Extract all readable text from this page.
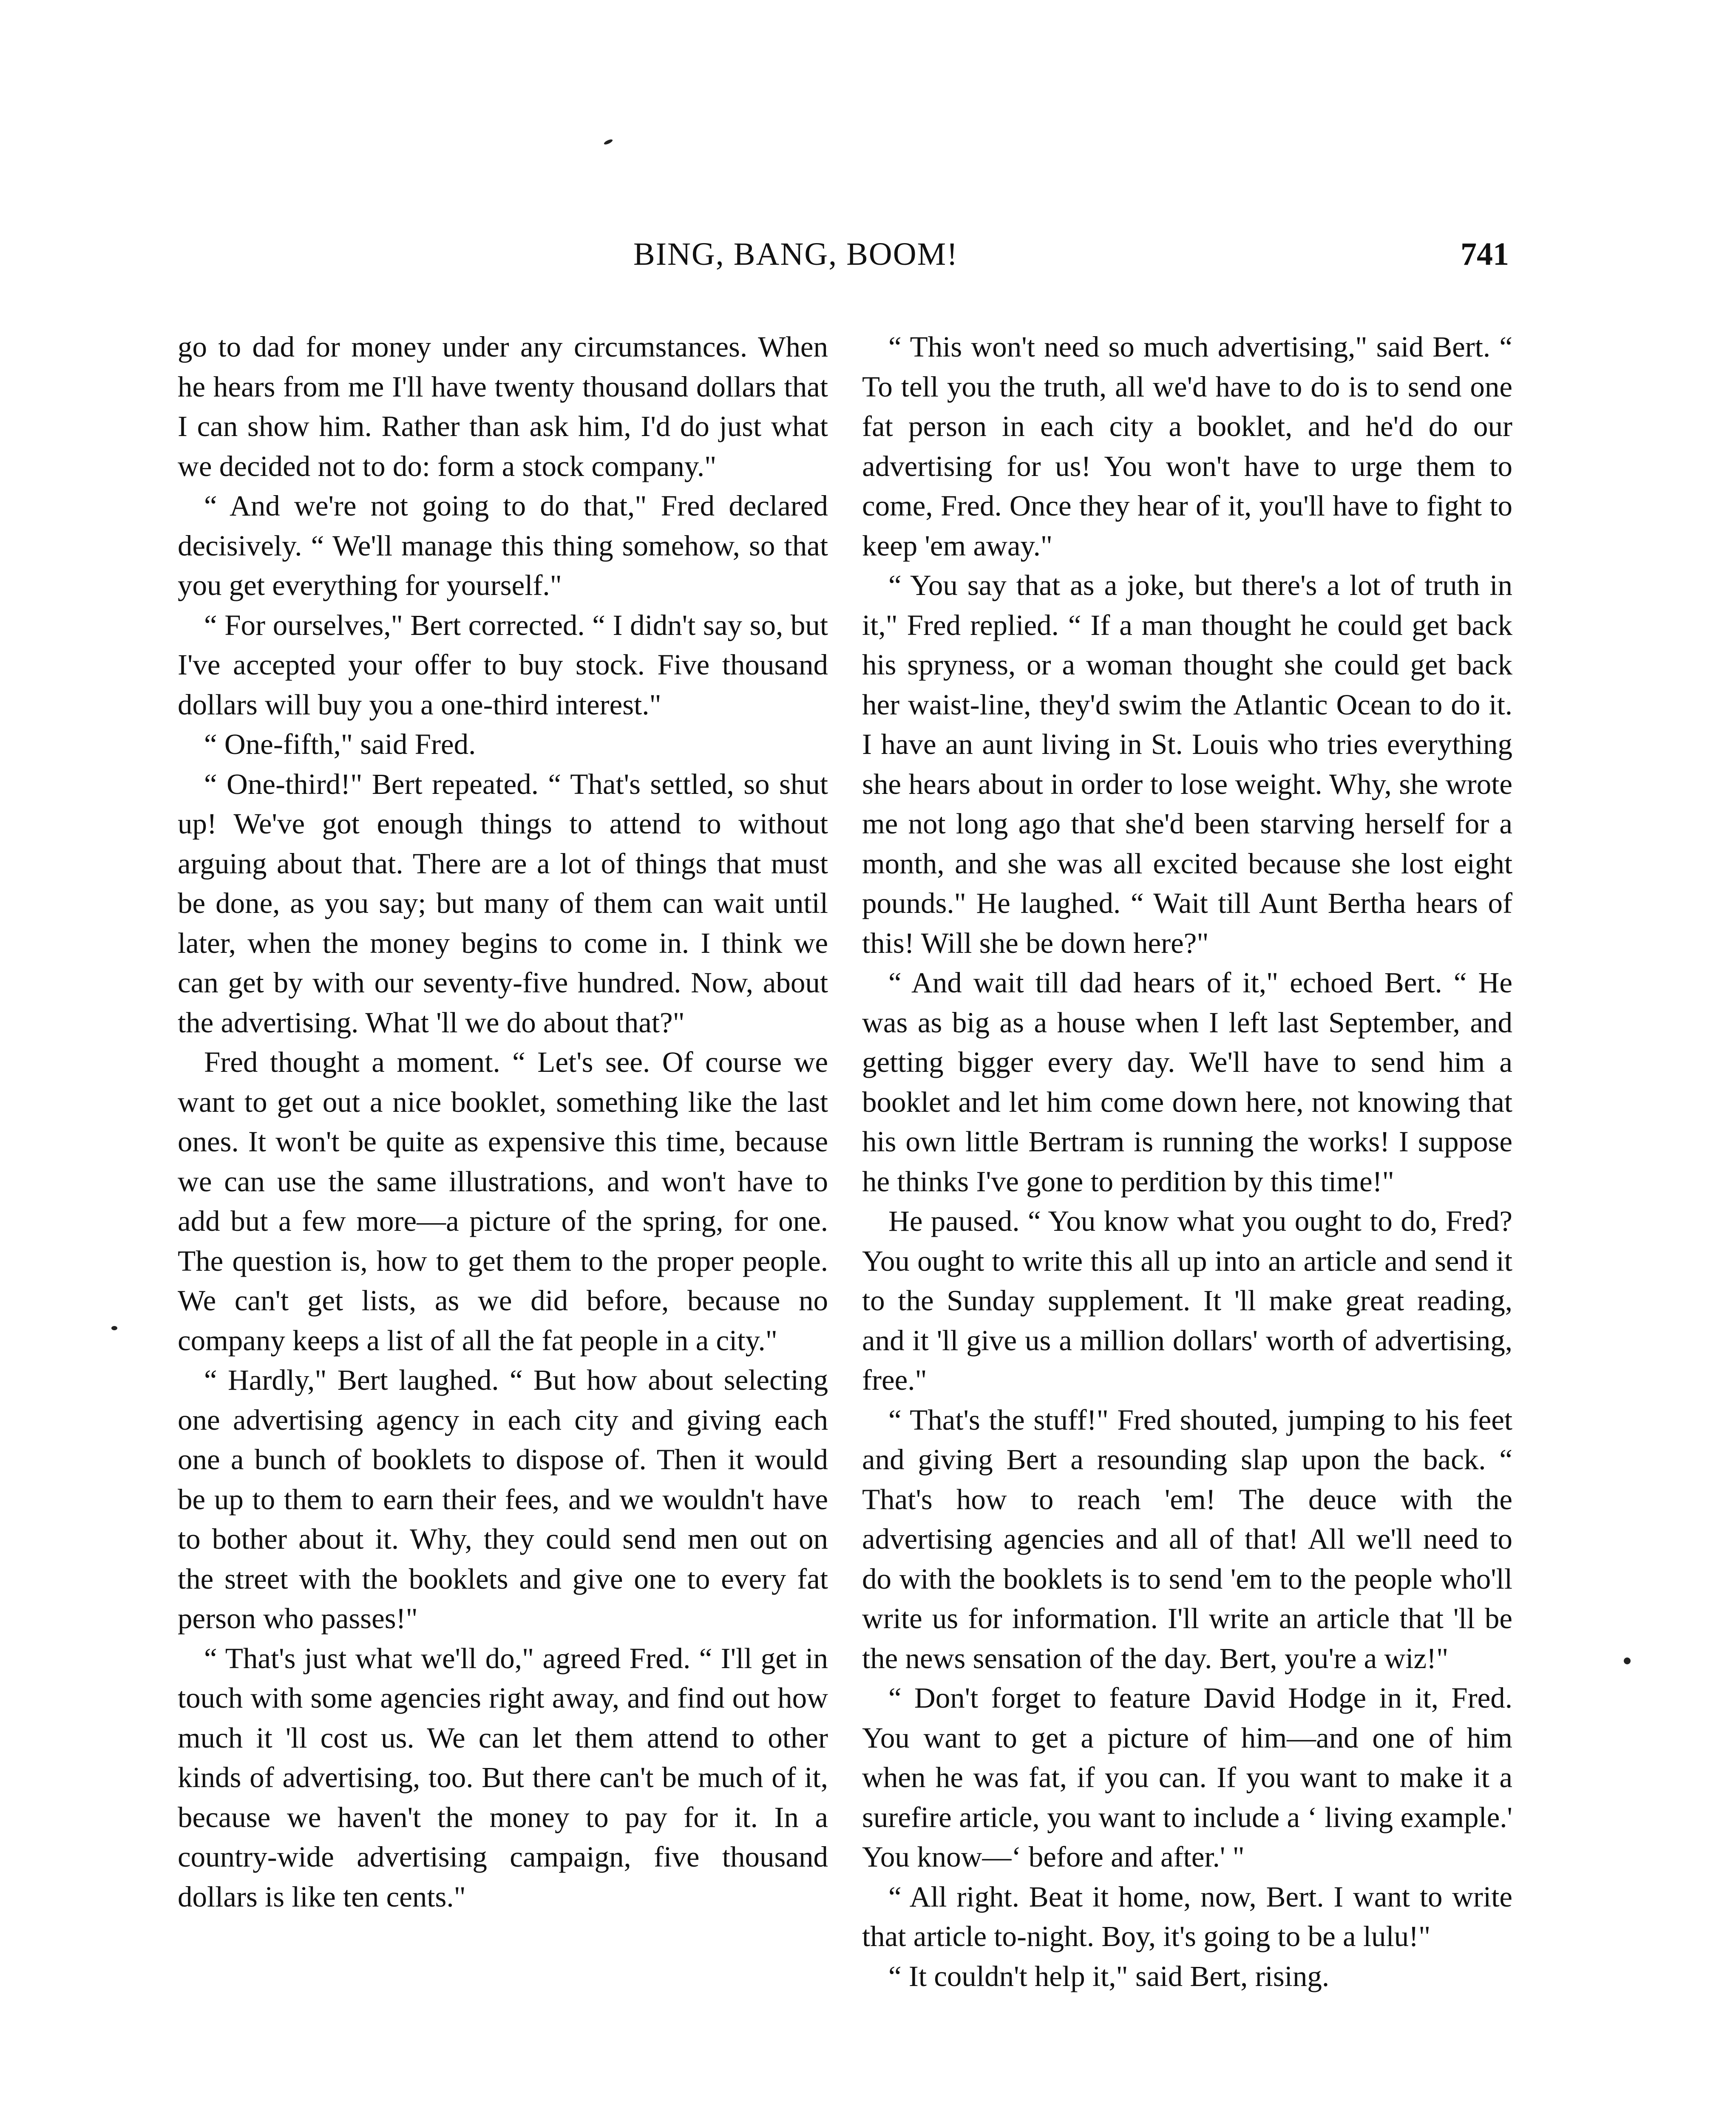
BING, BANG, BOOM!	741

go to dad for money under any circumstances. When he hears from me I'll have twenty thousand dollars that I can show him. Rather than ask him, I'd do just what we decided not to do: form a stock company."

“ And we're not going to do that," Fred declared decisively. “ We'll manage this thing somehow, so that you get everything for yourself."

“ For ourselves," Bert corrected. “ I didn't say so, but I've accepted your offer to buy stock. Five thousand dollars will buy you a one-third interest."

“ One-fifth," said Fred.

“ One-third!" Bert repeated. “ That's settled, so shut up! We've got enough things to attend to without arguing about that. There are a lot of things that must be done, as you say; but many of them can wait until later, when the money begins to come in. I think we can get by with our seventy-five hundred. Now, about the advertising. What 'll we do about that?"

Fred thought a moment. “ Let's see. Of course we want to get out a nice booklet, something like the last ones. It won't be quite as expensive this time, because we can use the same illustrations, and won't have to add but a few more—a picture of the spring, for one. The question is, how to get them to the proper people. We can't get lists, as we did before, because no company keeps a list of all the fat people in a city."

“ Hardly," Bert laughed. “ But how about selecting one advertising agency in each city and giving each one a bunch of booklets to dispose of. Then it would be up to them to earn their fees, and we wouldn't have to bother about it. Why, they could send men out on the street with the booklets and give one to every fat person who passes!"

“ That's just what we'll do," agreed Fred. “ I'll get in touch with some agencies right away, and find out how much it 'll cost us. We can let them attend to other kinds of advertising, too. But there can't be much of it, because we haven't the money to pay for it. In a country-wide advertising campaign, five thousand dollars is like ten cents."

“ This won't need so much advertising," said Bert. “ To tell you the truth, all we'd have to do is to send one fat person in each city a booklet, and he'd do our advertising for us! You won't have to urge them to come, Fred. Once they hear of it, you'll have to fight to keep 'em away."

“ You say that as a joke, but there's a lot of truth in it," Fred replied. “ If a man thought he could get back his spryness, or a woman thought she could get back her waist-line, they'd swim the Atlantic Ocean to do it. I have an aunt living in St. Louis who tries everything she hears about in order to lose weight. Why, she wrote me not long ago that she'd been starving herself for a month, and she was all excited because she lost eight pounds." He laughed. “ Wait till Aunt Bertha hears of this! Will she be down here?"

“ And wait till dad hears of it," echoed Bert. “ He was as big as a house when I left last September, and getting bigger every day. We'll have to send him a booklet and let him come down here, not knowing that his own little Bertram is running the works! I suppose he thinks I've gone to perdition by this time!"

He paused. “ You know what you ought to do, Fred? You ought to write this all up into an article and send it to the Sunday supplement. It 'll make great reading, and it 'll give us a million dollars' worth of advertising, free."

“ That's the stuff!" Fred shouted, jumping to his feet and giving Bert a resounding slap upon the back. “ That's how to reach 'em! The deuce with the advertising agencies and all of that! All we'll need to do with the booklets is to send 'em to the people who'll write us for information. I'll write an article that 'll be the news sensation of the day. Bert, you're a wiz!"

“ Don't forget to feature David Hodge in it, Fred. You want to get a picture of him—and one of him when he was fat, if you can. If you want to make it a surefire article, you want to include a ‘ living example.' You know—‘ before and after.' "

“ All right. Beat it home, now, Bert. I want to write that article to-night. Boy, it's going to be a lulu!"

“ It couldn't help it," said Bert, rising.
